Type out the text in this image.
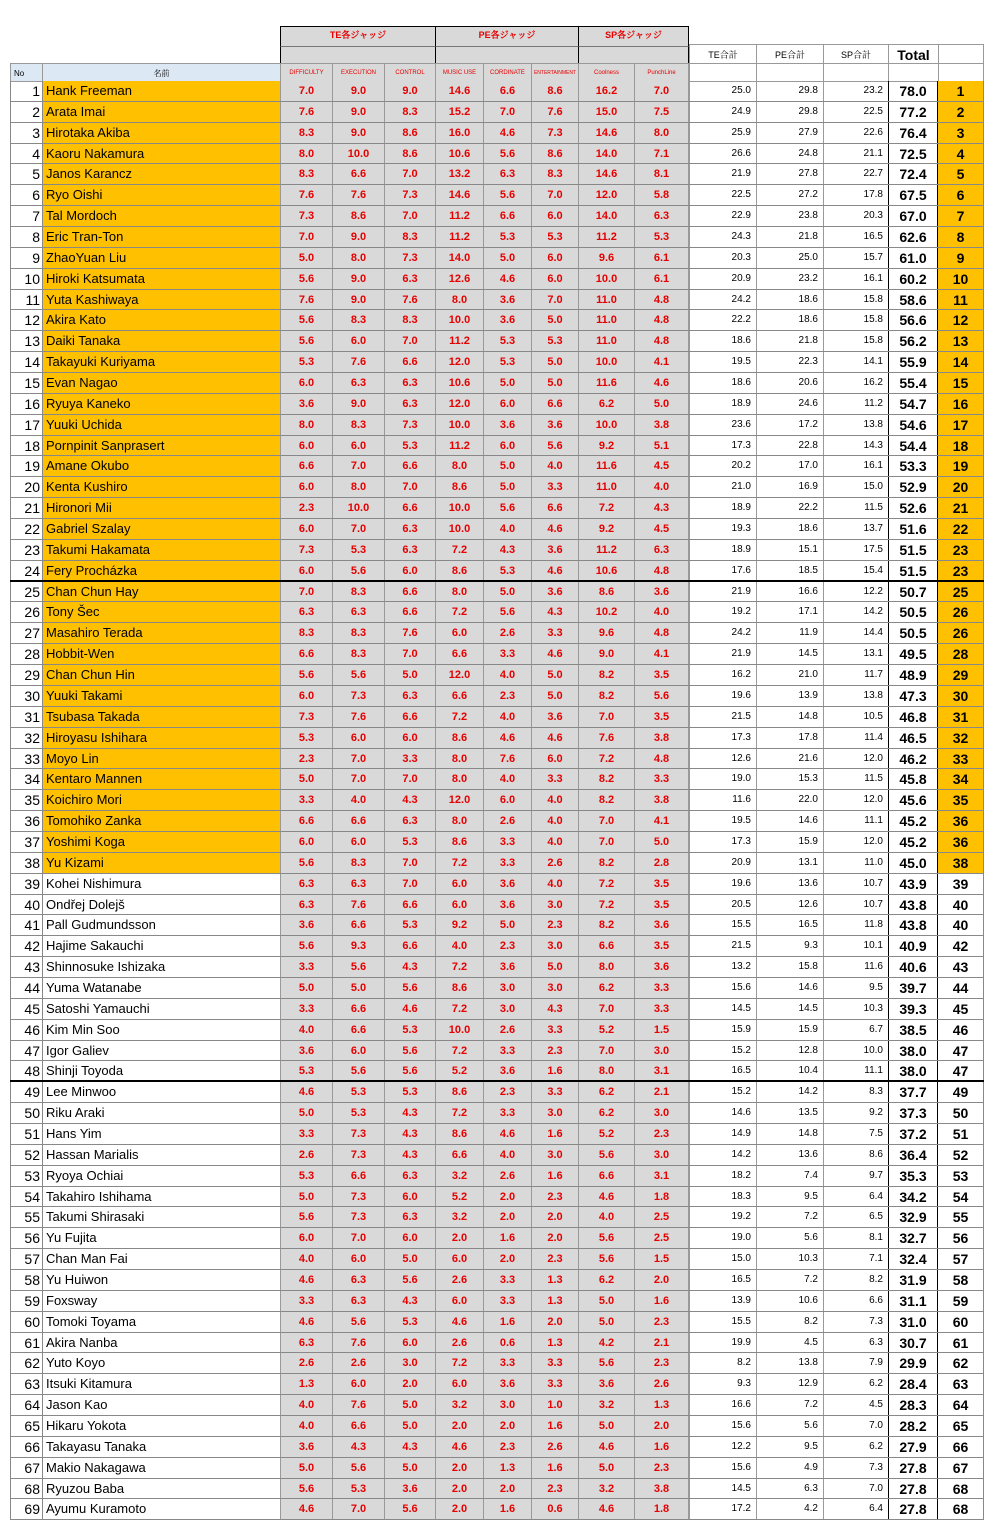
TE各ジャッジ	PE各ジャッジ	SP各ジャッジ
TE合計	PE合計	SP合計	Total
No	名前	DIFFICULTY	EXECUTION	CONTROL	MUSIC USE	CORDINATE	ENTERTAINMENT	Coolness	PunchLine
1 Hank Freeman	7.0	9.0	9.0	14.6	6.6	8.6	16.2	7.0	25.0	29.8	23.2	78.0	1
2 Arata Imai	7.6	9.0	8.3	15.2	7.0	7.6	15.0	7.5	24.9	29.8	22.5	77.2	2
3 Hirotaka Akiba	8.3	9.0	8.6	16.0	4.6	7.3	14.6	8.0	25.9	27.9	22.6	76.4	3
4 Kaoru Nakamura	8.0	10.0	8.6	10.6	5.6	8.6	14.0	7.1	26.6	24.8	21.1	72.5	4
5 Janos Karancz	8.3	6.6	7.0	13.2	6.3	8.3	14.6	8.1	21.9	27.8	22.7	72.4	5
6 Ryo Oishi	7.6	7.6	7.3	14.6	5.6	7.0	12.0	5.8	22.5	27.2	17.8	67.5	6
7 Tal Mordoch	7.3	8.6	7.0	11.2	6.6	6.0	14.0	6.3	22.9	23.8	20.3	67.0	7
8 Eric Tran-Ton	7.0	9.0	8.3	11.2	5.3	5.3	11.2	5.3	24.3	21.8	16.5	62.6	8
9 ZhaoYuan Liu	5.0	8.0	7.3	14.0	5.0	6.0	9.6	6.1	20.3	25.0	15.7	61.0	9
10 Hiroki Katsumata	5.6	9.0	6.3	12.6	4.6	6.0	10.0	6.1	20.9	23.2	16.1	60.2	10
11 Yuta Kashiwaya	7.6	9.0	7.6	8.0	3.6	7.0	11.0	4.8	24.2	18.6	15.8	58.6	11
12 Akira Kato	5.6	8.3	8.3	10.0	3.6	5.0	11.0	4.8	22.2	18.6	15.8	56.6	12
13 Daiki Tanaka	5.6	6.0	7.0	11.2	5.3	5.3	11.0	4.8	18.6	21.8	15.8	56.2	13
14 Takayuki Kuriyama	5.3	7.6	6.6	12.0	5.3	5.0	10.0	4.1	19.5	22.3	14.1	55.9	14
15 Evan Nagao	6.0	6.3	6.3	10.6	5.0	5.0	11.6	4.6	18.6	20.6	16.2	55.4	15
16 Ryuya Kaneko	3.6	9.0	6.3	12.0	6.0	6.6	6.2	5.0	18.9	24.6	11.2	54.7	16
17 Yuuki Uchida	8.0	8.3	7.3	10.0	3.6	3.6	10.0	3.8	23.6	17.2	13.8	54.6	17
18 Pornpinit Sanprasert	6.0	6.0	5.3	11.2	6.0	5.6	9.2	5.1	17.3	22.8	14.3	54.4	18
19 Amane Okubo	6.6	7.0	6.6	8.0	5.0	4.0	11.6	4.5	20.2	17.0	16.1	53.3	19
20 Kenta Kushiro	6.0	8.0	7.0	8.6	5.0	3.3	11.0	4.0	21.0	16.9	15.0	52.9	20
21 Hironori Mii	2.3	10.0	6.6	10.0	5.6	6.6	7.2	4.3	18.9	22.2	11.5	52.6	21
22 Gabriel Szalay	6.0	7.0	6.3	10.0	4.0	4.6	9.2	4.5	19.3	18.6	13.7	51.6	22
23 Takumi Hakamata	7.3	5.3	6.3	7.2	4.3	3.6	11.2	6.3	18.9	15.1	17.5	51.5	23
24 Fery Procházka	6.0	5.6	6.0	8.6	5.3	4.6	10.6	4.8	17.6	18.5	15.4	51.5	23
25 Chan Chun Hay	7.0	8.3	6.6	8.0	5.0	3.6	8.6	3.6	21.9	16.6	12.2	50.7	25
26 Tony Šec	6.3	6.3	6.6	7.2	5.6	4.3	10.2	4.0	19.2	17.1	14.2	50.5	26
27 Masahiro Terada	8.3	8.3	7.6	6.0	2.6	3.3	9.6	4.8	24.2	11.9	14.4	50.5	26
28 Hobbit-Wen	6.6	8.3	7.0	6.6	3.3	4.6	9.0	4.1	21.9	14.5	13.1	49.5	28
29 Chan Chun Hin	5.6	5.6	5.0	12.0	4.0	5.0	8.2	3.5	16.2	21.0	11.7	48.9	29
30 Yuuki Takami	6.0	7.3	6.3	6.6	2.3	5.0	8.2	5.6	19.6	13.9	13.8	47.3	30
31 Tsubasa Takada	7.3	7.6	6.6	7.2	4.0	3.6	7.0	3.5	21.5	14.8	10.5	46.8	31
32 Hiroyasu Ishihara	5.3	6.0	6.0	8.6	4.6	4.6	7.6	3.8	17.3	17.8	11.4	46.5	32
33 Moyo Lin	2.3	7.0	3.3	8.0	7.6	6.0	7.2	4.8	12.6	21.6	12.0	46.2	33
34 Kentaro Mannen	5.0	7.0	7.0	8.0	4.0	3.3	8.2	3.3	19.0	15.3	11.5	45.8	34
35 Koichiro Mori	3.3	4.0	4.3	12.0	6.0	4.0	8.2	3.8	11.6	22.0	12.0	45.6	35
36 Tomohiko Zanka	6.6	6.6	6.3	8.0	2.6	4.0	7.0	4.1	19.5	14.6	11.1	45.2	36
37 Yoshimi Koga	6.0	6.0	5.3	8.6	3.3	4.0	7.0	5.0	17.3	15.9	12.0	45.2	36
38 Yu Kizami	5.6	8.3	7.0	7.2	3.3	2.6	8.2	2.8	20.9	13.1	11.0	45.0	38
39 Kohei Nishimura	6.3	6.3	7.0	6.0	3.6	4.0	7.2	3.5	19.6	13.6	10.7	43.9	39
40 Ondřej Dolejš	6.3	7.6	6.6	6.0	3.6	3.0	7.2	3.5	20.5	12.6	10.7	43.8	40
41 Pall Gudmundsson	3.6	6.6	5.3	9.2	5.0	2.3	8.2	3.6	15.5	16.5	11.8	43.8	40
42 Hajime Sakauchi	5.6	9.3	6.6	4.0	2.3	3.0	6.6	3.5	21.5	9.3	10.1	40.9	42
43 Shinnosuke Ishizaka	3.3	5.6	4.3	7.2	3.6	5.0	8.0	3.6	13.2	15.8	11.6	40.6	43
44 Yuma Watanabe	5.0	5.0	5.6	8.6	3.0	3.0	6.2	3.3	15.6	14.6	9.5	39.7	44
45 Satoshi Yamauchi	3.3	6.6	4.6	7.2	3.0	4.3	7.0	3.3	14.5	14.5	10.3	39.3	45
46 Kim Min Soo	4.0	6.6	5.3	10.0	2.6	3.3	5.2	1.5	15.9	15.9	6.7	38.5	46
47 Igor Galiev	3.6	6.0	5.6	7.2	3.3	2.3	7.0	3.0	15.2	12.8	10.0	38.0	47
48 Shinji Toyoda	5.3	5.6	5.6	5.2	3.6	1.6	8.0	3.1	16.5	10.4	11.1	38.0	47
49 Lee Minwoo	4.6	5.3	5.3	8.6	2.3	3.3	6.2	2.1	15.2	14.2	8.3	37.7	49
50 Riku Araki	5.0	5.3	4.3	7.2	3.3	3.0	6.2	3.0	14.6	13.5	9.2	37.3	50
51 Hans Yim	3.3	7.3	4.3	8.6	4.6	1.6	5.2	2.3	14.9	14.8	7.5	37.2	51
52 Hassan Marialis	2.6	7.3	4.3	6.6	4.0	3.0	5.6	3.0	14.2	13.6	8.6	36.4	52
53 Ryoya Ochiai	5.3	6.6	6.3	3.2	2.6	1.6	6.6	3.1	18.2	7.4	9.7	35.3	53
54 Takahiro Ishihama	5.0	7.3	6.0	5.2	2.0	2.3	4.6	1.8	18.3	9.5	6.4	34.2	54
55 Takumi Shirasaki	5.6	7.3	6.3	3.2	2.0	2.0	4.0	2.5	19.2	7.2	6.5	32.9	55
56 Yu Fujita	6.0	7.0	6.0	2.0	1.6	2.0	5.6	2.5	19.0	5.6	8.1	32.7	56
57 Chan Man Fai	4.0	6.0	5.0	6.0	2.0	2.3	5.6	1.5	15.0	10.3	7.1	32.4	57
58 Yu Huiwon	4.6	6.3	5.6	2.6	3.3	1.3	6.2	2.0	16.5	7.2	8.2	31.9	58
59 Foxsway	3.3	6.3	4.3	6.0	3.3	1.3	5.0	1.6	13.9	10.6	6.6	31.1	59
60 Tomoki Toyama	4.6	5.6	5.3	4.6	1.6	2.0	5.0	2.3	15.5	8.2	7.3	31.0	60
61 Akira Nanba	6.3	7.6	6.0	2.6	0.6	1.3	4.2	2.1	19.9	4.5	6.3	30.7	61
62 Yuto Koyo	2.6	2.6	3.0	7.2	3.3	3.3	5.6	2.3	8.2	13.8	7.9	29.9	62
63 Itsuki Kitamura	1.3	6.0	2.0	6.0	3.6	3.3	3.6	2.6	9.3	12.9	6.2	28.4	63
64 Jason Kao	4.0	7.6	5.0	3.2	3.0	1.0	3.2	1.3	16.6	7.2	4.5	28.3	64
65 Hikaru Yokota	4.0	6.6	5.0	2.0	2.0	1.6	5.0	2.0	15.6	5.6	7.0	28.2	65
66 Takayasu Tanaka	3.6	4.3	4.3	4.6	2.3	2.6	4.6	1.6	12.2	9.5	6.2	27.9	66
67 Makio Nakagawa	5.0	5.6	5.0	2.0	1.3	1.6	5.0	2.3	15.6	4.9	7.3	27.8	67
68 Ryuzou Baba	5.6	5.3	3.6	2.0	2.0	2.3	3.2	3.8	14.5	6.3	7.0	27.8	68
69 Ayumu Kuramoto	4.6	7.0	5.6	2.0	1.6	0.6	4.6	1.8	17.2	4.2	6.4	27.8	68
